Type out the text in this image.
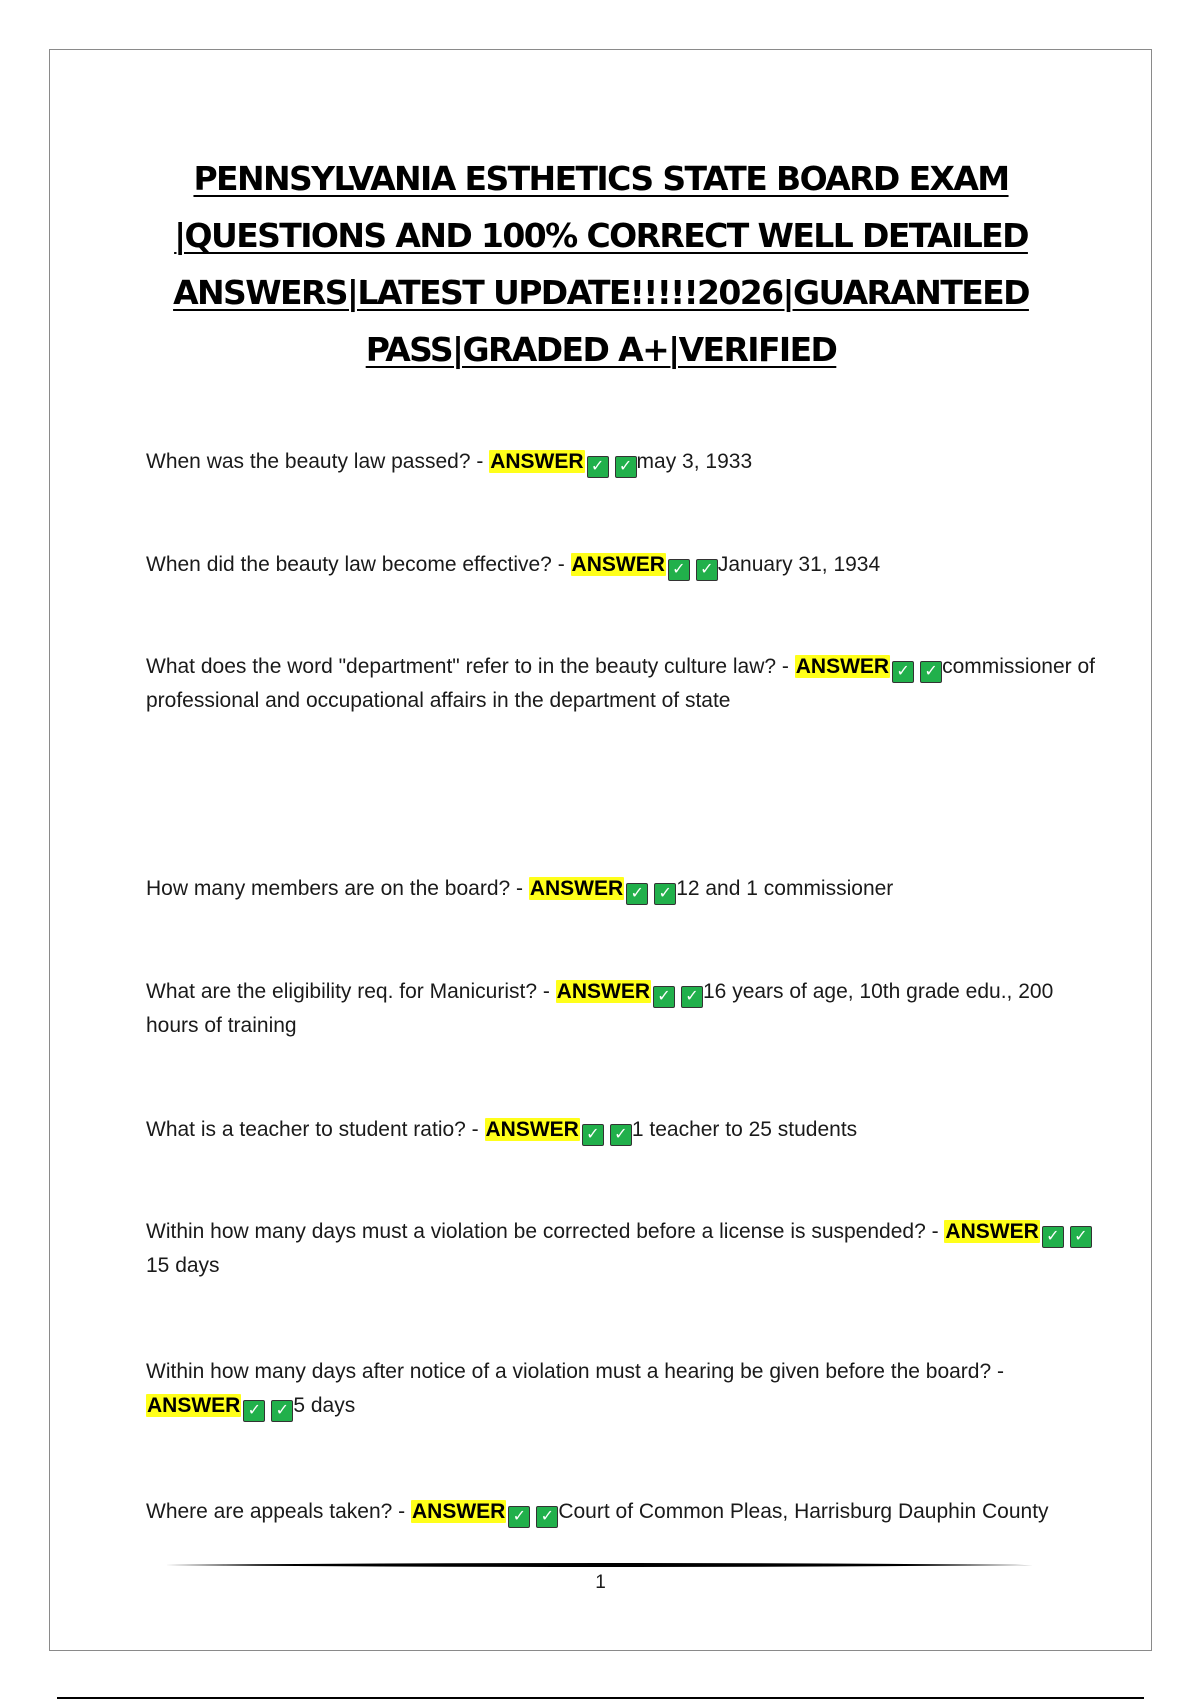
PENNSYLVANIA ESTHETICS STATE BOARD EXAM |QUESTIONS AND 100% CORRECT WELL DETAILED ANSWERS|LATEST UPDATE!!!!!2026|GUARANTEED PASS|GRADED A+|VERIFIED
When was the beauty law passed? - ANSWER ✓ ✓ may 3, 1933
When did the beauty law become effective? - ANSWER ✓ ✓ January 31, 1934
What does the word "department" refer to in the beauty culture law? - ANSWER ✓ ✓ commissioner of professional and occupational affairs in the department of state
How many members are on the board? - ANSWER ✓ ✓ 12 and 1 commissioner
What are the eligibility req. for Manicurist? - ANSWER ✓ ✓ 16 years of age, 10th grade edu., 200 hours of training
What is a teacher to student ratio? - ANSWER ✓ ✓ 1 teacher to 25 students
Within how many days must a violation be corrected before a license is suspended? - ANSWER ✓ ✓15 days
Within how many days after notice of a violation must a hearing be given before the board? - ANSWER ✓ ✓ 5 days
Where are appeals taken? - ANSWER ✓ ✓ Court of Common Pleas, Harrisburg Dauphin County
1
